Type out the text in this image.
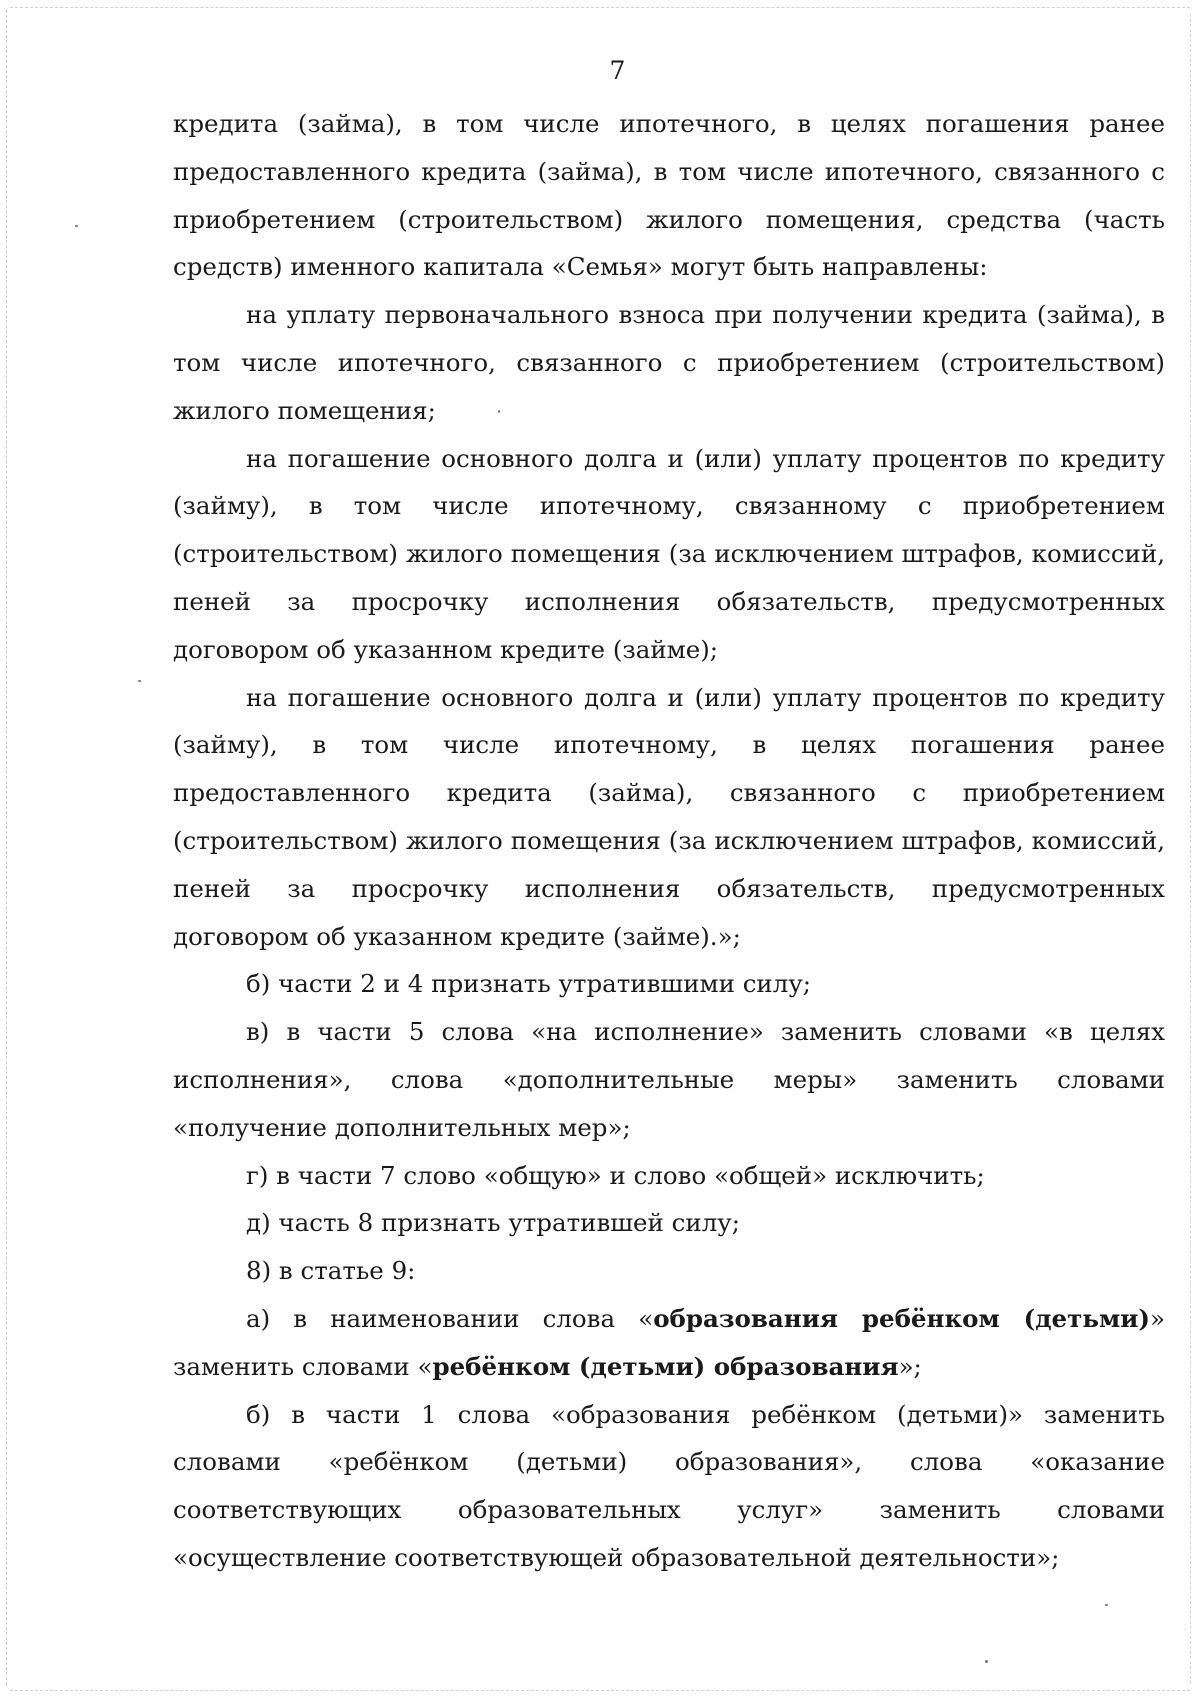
7

кредита (займа), в том числе ипотечного, в целях погашения ранее предоставленного кредита (займа), в том числе ипотечного, связанного с приобретением (строительством) жилого помещения, средства (часть средств) именного капитала «Семья» могут быть направлены:

на уплату первоначального взноса при получении кредита (займа), в том числе ипотечного, связанного с приобретением (строительством) жилого помещения;

на погашение основного долга и (или) уплату процентов по кредиту (займу), в том числе ипотечному, связанному с приобретением (строительством) жилого помещения (за исключением штрафов, комиссий, пеней за просрочку исполнения обязательств, предусмотренных договором об указанном кредите (займе);

на погашение основного долга и (или) уплату процентов по кредиту (займу), в том числе ипотечному, в целях погашения ранее предоставленного кредита (займа), связанного с приобретением (строительством) жилого помещения (за исключением штрафов, комиссий, пеней за просрочку исполнения обязательств, предусмотренных договором об указанном кредите (займе).»;

б) части 2 и 4 признать утратившими силу;

в) в части 5 слова «на исполнение» заменить словами «в целях исполнения», слова «дополнительные меры» заменить словами «получение дополнительных мер»;

г) в части 7 слово «общую» и слово «общей» исключить;

д) часть 8 признать утратившей силу;

8) в статье 9:

а) в наименовании слова «образования ребёнком (детьми)» заменить словами «ребёнком (детьми) образования»;

б) в части 1 слова «образования ребёнком (детьми)» заменить словами «ребёнком (детьми) образования», слова «оказание соответствующих образовательных услуг» заменить словами «осуществление соответствующей образовательной деятельности»;
